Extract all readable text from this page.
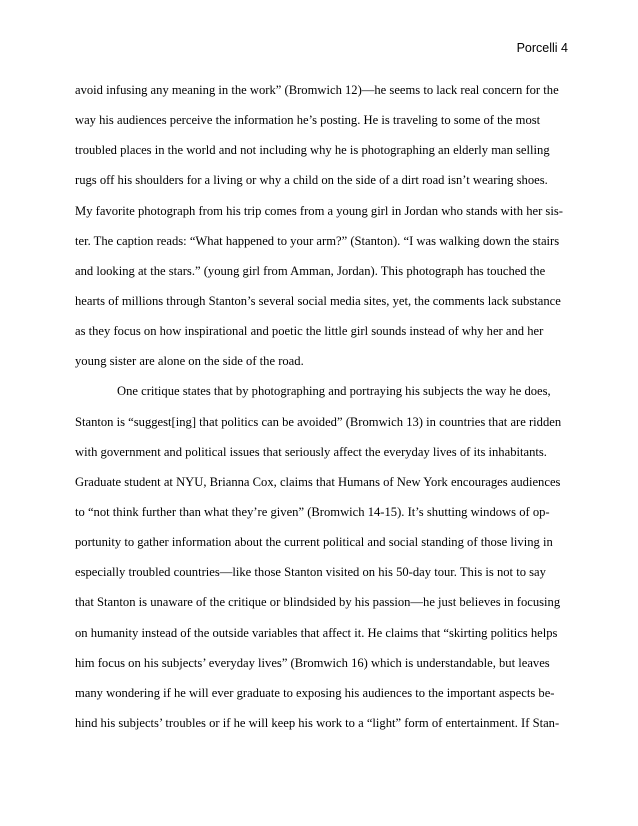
Porcelli 4
avoid infusing any meaning in the work” (Bromwich 12)—he seems to lack real concern for the
way his audiences perceive the information he’s posting. He is traveling to some of the most
troubled places in the world and not including why he is photographing an elderly man selling
rugs off his shoulders for a living or why a child on the side of a dirt road isn’t wearing shoes.
My favorite photograph from his trip comes from a young girl in Jordan who stands with her sis-
ter. The caption reads: “What happened to your arm?” (Stanton). “I was walking down the stairs
and looking at the stars.” (young girl from Amman, Jordan). This photograph has touched the
hearts of millions through Stanton’s several social media sites, yet, the comments lack substance
as they focus on how inspirational and poetic the little girl sounds instead of why her and her
young sister are alone on the side of the road.
One critique states that by photographing and portraying his subjects the way he does,
Stanton is “suggest[ing] that politics can be avoided” (Bromwich 13) in countries that are ridden
with government and political issues that seriously affect the everyday lives of its inhabitants.
Graduate student at NYU, Brianna Cox, claims that Humans of New York encourages audiences
to “not think further than what they’re given” (Bromwich 14-15). It’s shutting windows of op-
portunity to gather information about the current political and social standing of those living in
especially troubled countries—like those Stanton visited on his 50-day tour. This is not to say
that Stanton is unaware of the critique or blindsided by his passion—he just believes in focusing
on humanity instead of the outside variables that affect it. He claims that “skirting politics helps
him focus on his subjects’ everyday lives” (Bromwich 16) which is understandable, but leaves
many wondering if he will ever graduate to exposing his audiences to the important aspects be-
hind his subjects’ troubles or if he will keep his work to a “light” form of entertainment. If Stan-
